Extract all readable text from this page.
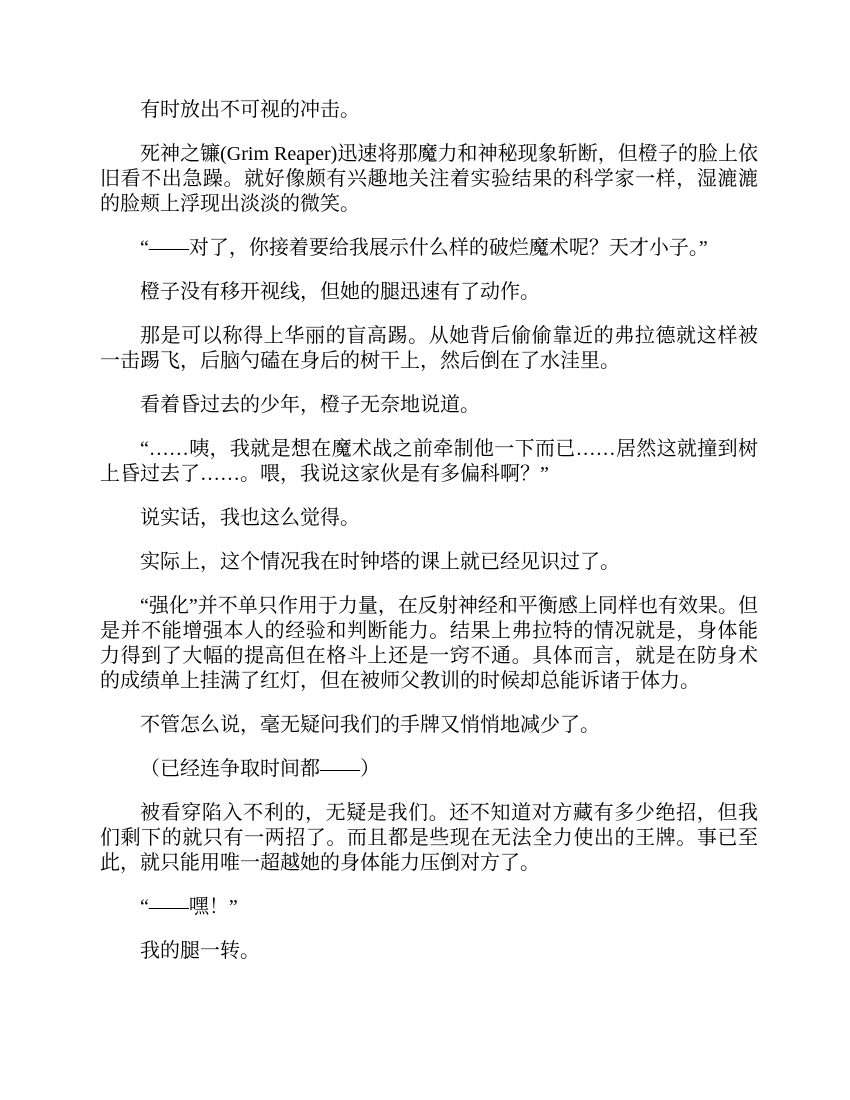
有时放出不可视的冲击。

死神之镰(Grim Reaper)迅速将那魔力和神秘现象斩断，但橙子的脸上依旧看不出急躁。就好像颇有兴趣地关注着实验结果的科学家一样，湿漉漉的脸颊上浮现出淡淡的微笑。

“——对了，你接着要给我展示什么样的破烂魔术呢？天才小子。”

橙子没有移开视线，但她的腿迅速有了动作。

那是可以称得上华丽的盲高踢。从她背后偷偷靠近的弗拉德就这样被一击踢飞，后脑勺磕在身后的树干上，然后倒在了水洼里。

看着昏过去的少年，橙子无奈地说道。

“……咦，我就是想在魔术战之前牵制他一下而已……居然这就撞到树上昏过去了……。喂，我说这家伙是有多偏科啊？”

说实话，我也这么觉得。

实际上，这个情况我在时钟塔的课上就已经见识过了。

“强化”并不单只作用于力量，在反射神经和平衡感上同样也有效果。但是并不能增强本人的经验和判断能力。结果上弗拉特的情况就是，身体能力得到了大幅的提高但在格斗上还是一窍不通。具体而言，就是在防身术的成绩单上挂满了红灯，但在被师父教训的时候却总能诉诸于体力。

不管怎么说，毫无疑问我们的手牌又悄悄地减少了。

（已经连争取时间都——）

被看穿陷入不利的，无疑是我们。还不知道对方藏有多少绝招，但我们剩下的就只有一两招了。而且都是些现在无法全力使出的王牌。事已至此，就只能用唯一超越她的身体能力压倒对方了。

“——嘿！”

我的腿一转。
